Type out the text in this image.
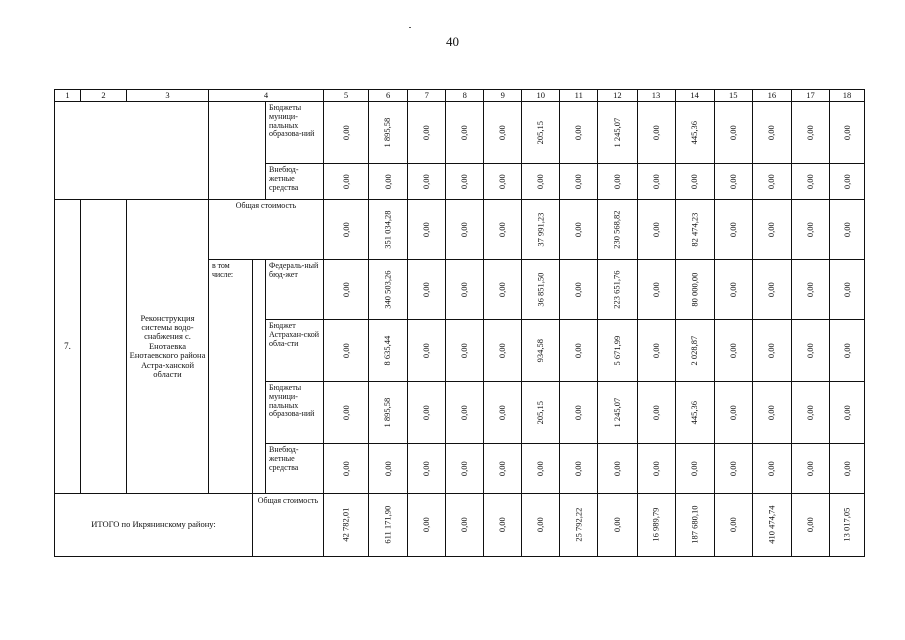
40
1	2	3	4			5	6	7	8	9	10	11	12	13	14	15	16	17	18
					Бюджеты муници-пальных образова-ний	0,00	1 895,58	0,00	0,00	0,00	205,15	0,00	1 245,07	0,00	445,36	0,00	0,00	0,00	0,00
					Внебюд-жетные средства	0,00	0,00	0,00	0,00	0,00	0,00	0,00	0,00	0,00	0,00	0,00	0,00	0,00	0,00
7.		Реконструкция системы водо-снабжения с. Енотаевка Енотаевского района Астра-ханской области	Общая стоимость			0,00	351 034,28	0,00	0,00	0,00	37 991,23	0,00	230 568,82	0,00	82 474,23	0,00	0,00	0,00	0,00
			в том числе:		Федераль-ный бюд-жет	0,00	340 503,26	0,00	0,00	0,00	36 851,50	0,00	223 651,76	0,00	80 000,00	0,00	0,00	0,00	0,00
					Бюджет Астрахан-ской обла-сти	0,00	8 635,44	0,00	0,00	0,00	934,58	0,00	5 671,99	0,00	2 028,87	0,00	0,00	0,00	0,00
					Бюджеты муници-пальных образова-ний	0,00	1 895,58	0,00	0,00	0,00	205,15	0,00	1 245,07	0,00	445,36	0,00	0,00	0,00	0,00
					Внебюд-жетные средства	0,00	0,00	0,00	0,00	0,00	0,00	0,00	0,00	0,00	0,00	0,00	0,00	0,00	0,00
ИТОГО по Икрянинскому району:				Общая стоимость		42 782,01	611 171,90	0,00	0,00	0,00	0,00	25 792,22	0,00	16 989,79	187 680,10	0,00	410 474,74	0,00	13 017,05
